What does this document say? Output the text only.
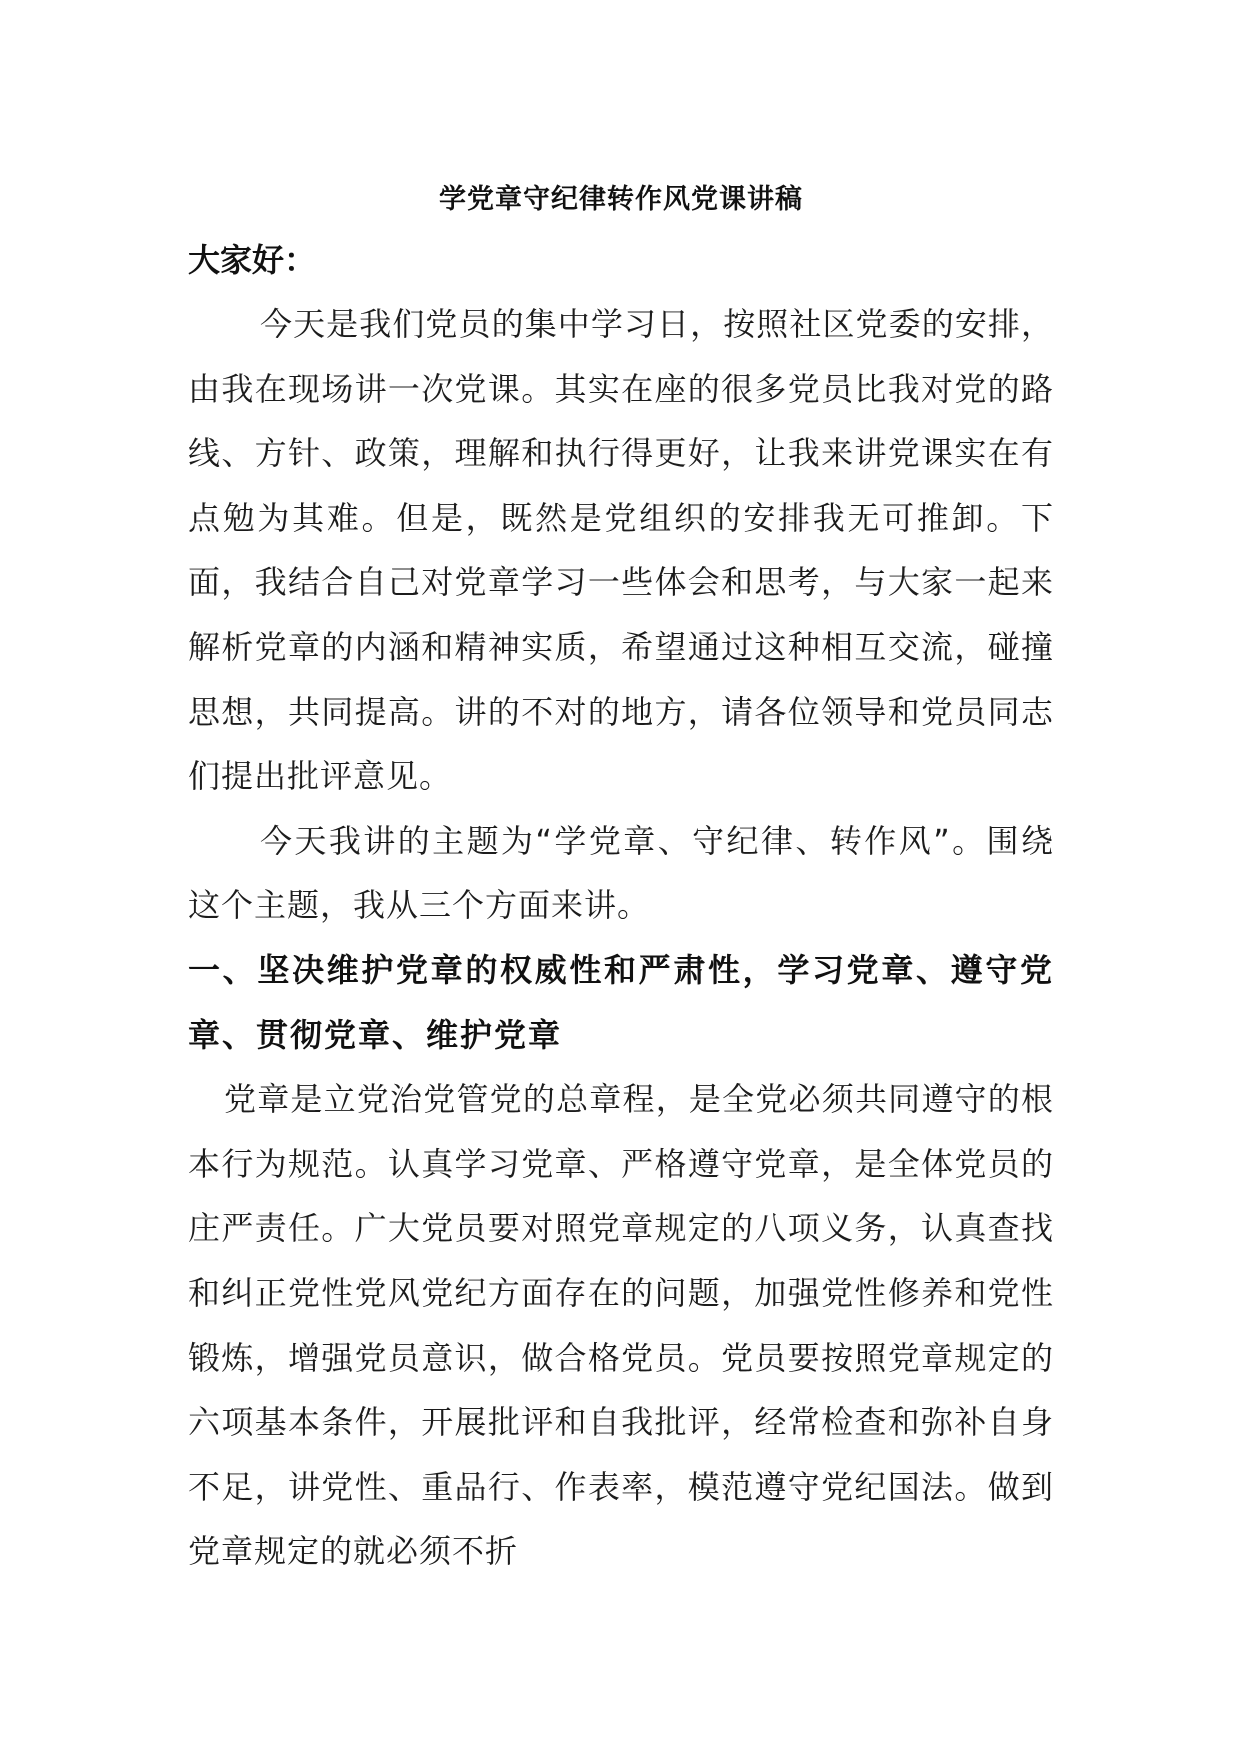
学党章守纪律转作风党课讲稿

大家好：

今天是我们党员的集中学习日，按照社区党委的安排，由我在现场讲一次党课。其实在座的很多党员比我对党的路线、方针、政策，理解和执行得更好，让我来讲党课实在有点勉为其难。但是，既然是党组织的安排我无可推卸。下面，我结合自己对党章学习一些体会和思考，与大家一起来解析党章的内涵和精神实质，希望通过这种相互交流，碰撞思想，共同提高。讲的不对的地方，请各位领导和党员同志们提出批评意见。

今天我讲的主题为“学党章、守纪律、转作风”。围绕这个主题，我从三个方面来讲。

一、坚决维护党章的权威性和严肃性，学习党章、遵守党章、贯彻党章、维护党章

党章是立党治党管党的总章程，是全党必须共同遵守的根本行为规范。认真学习党章、严格遵守党章，是全体党员的庄严责任。广大党员要对照党章规定的八项义务，认真查找和纠正党性党风党纪方面存在的问题，加强党性修养和党性锻炼，增强党员意识，做合格党员。党员要按照党章规定的六项基本条件，开展批评和自我批评，经常检查和弥补自身不足，讲党性、重品行、作表率，模范遵守党纪国法。做到党章规定的就必须不折
